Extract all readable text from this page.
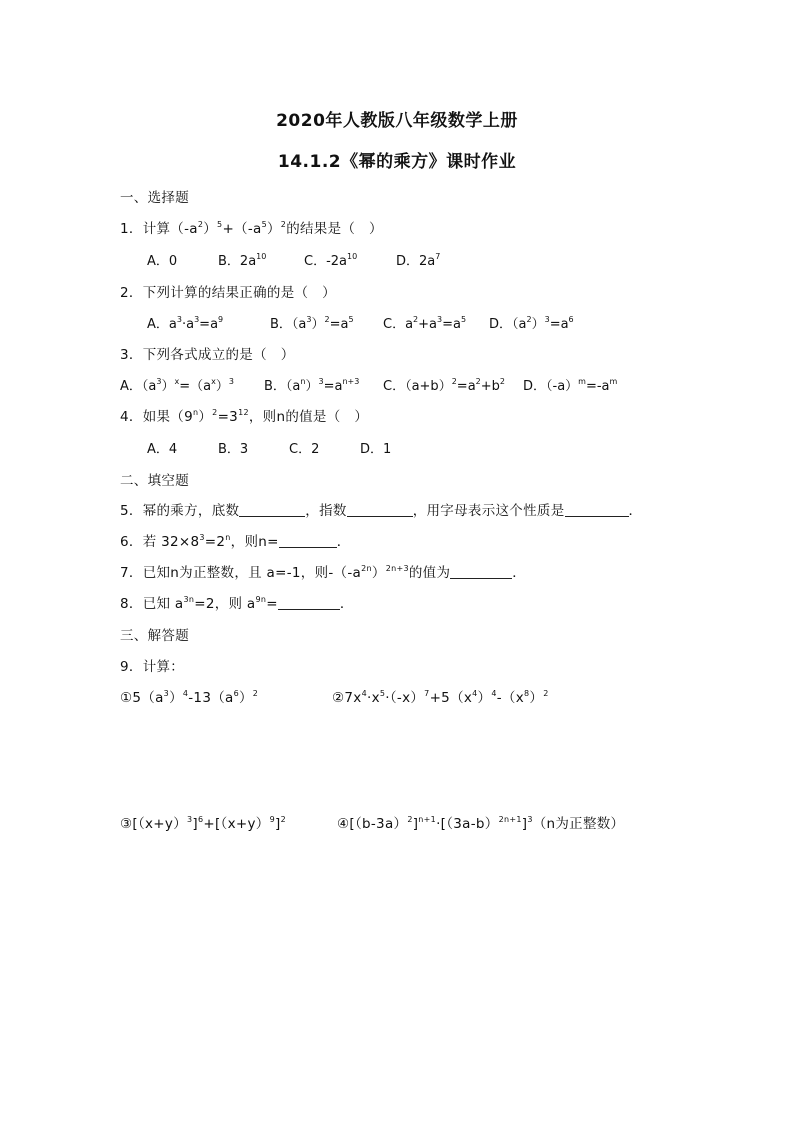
2020年人教版八年级数学上册
14.1.2《幂的乘方》课时作业
一、选择题
1．计算$(-a^2)^5+(-a^5)^2$的结果是（　）
A．0	B．$2a^{10}$	C．$-2a^{10}$	D．$2a^7$
2．下列计算的结果正确的是（　）
A．$a^3\cdot a^3=a^9$	B．$(a^3)^2=a^5$ C．$a^2+a^3=a^5$ D．$(a^2)^3=a^6$
3．下列各式成立的是（　）
A．$(a^3)^x=(a^x)^3$ B．$(a^n)^3=a^{n+3}$ C．$(a+b)^2=a^2+b^2$ D．$(-a)^m=-a^m$
4．如果$(9^n)^2=3^{12}$，则n的值是（　）
A．4	B．3	C．2	D．1
二、填空题
5．幂的乘方，底数	，指数	，用字母表示这个性质是	．
6．若 $32\times 8^3=2^n$，则n=	．
7．已知n为正整数，且 a=-1，则$-(-a^{2n})^{2n+3}$的值为	．
8．已知 $a^{3n}=2$，则 $a^{9n}=$	．
三、解答题
9．计算：
$①5(a^3)^4-13(a^6)^2$	$②7x^4\cdot x^5\cdot(-x)^7+5(x^4)^4-(x^8)^2$
$③[(x+y)^3]^6+[(x+y)^9]^2$	$④[(b-3a)^2]^{n+1}\cdot[(3a-b)^{2n+1}]^3(n$为正整数）
